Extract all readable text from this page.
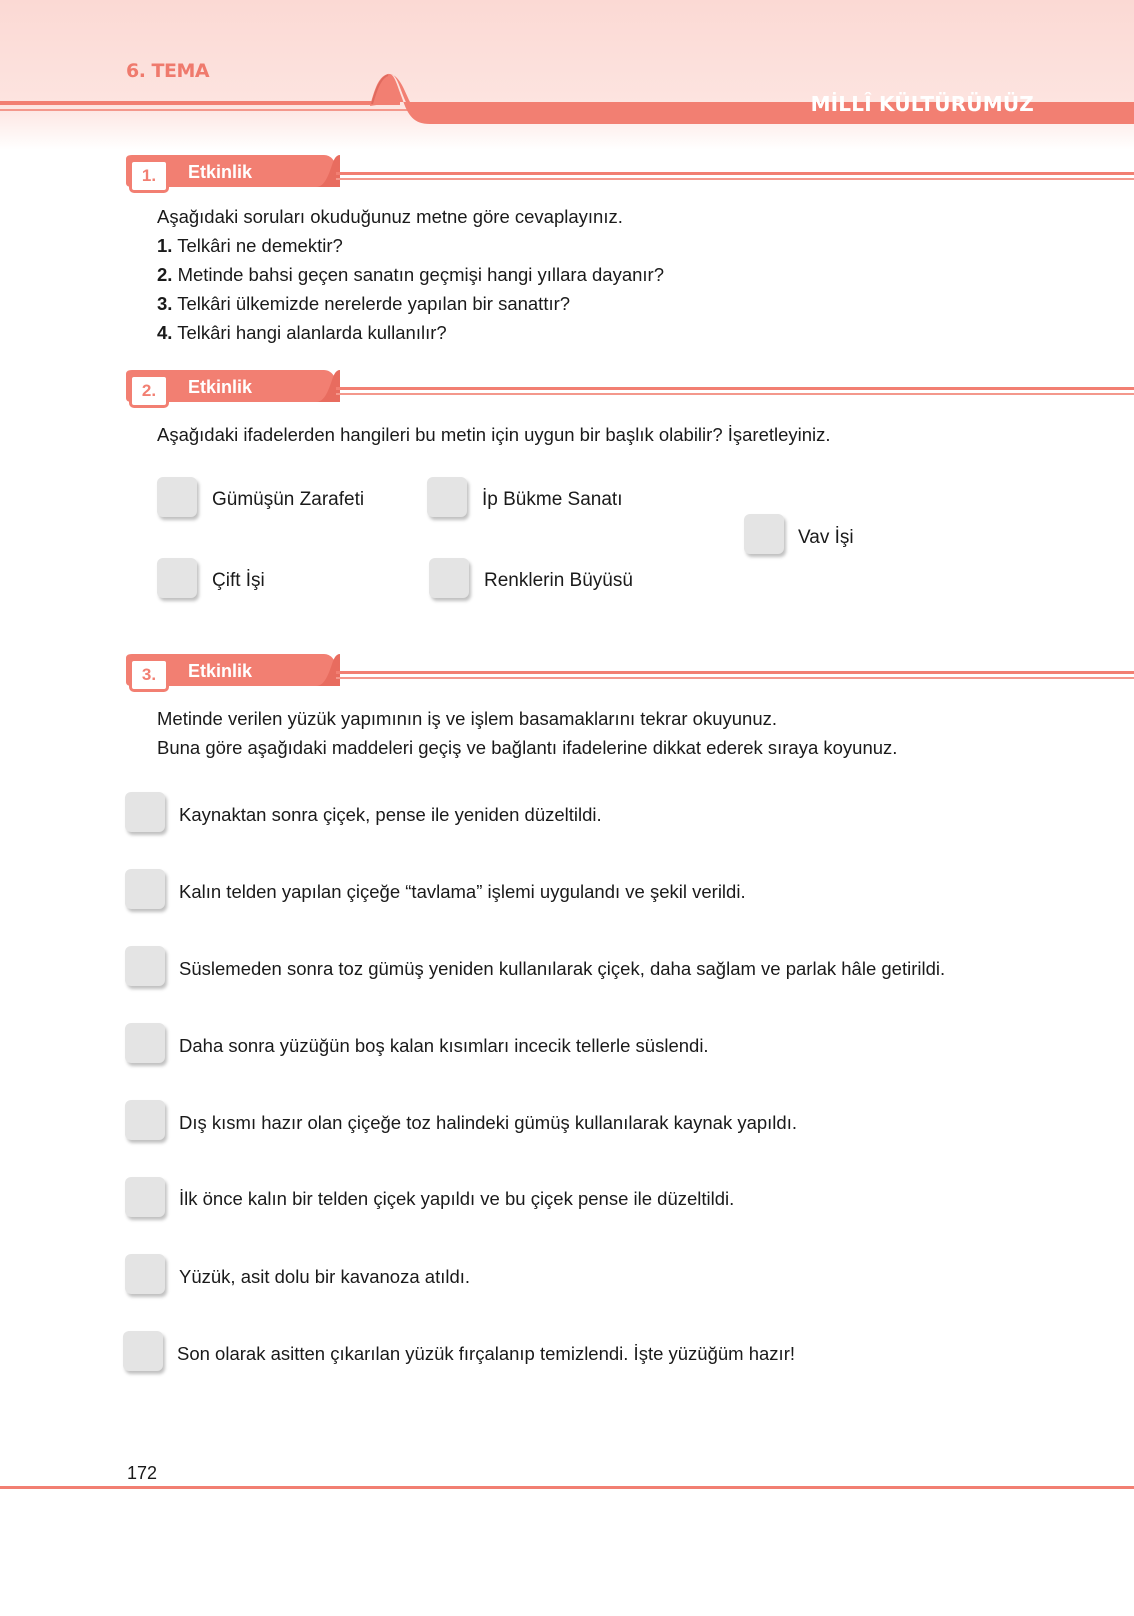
6. TEMA
MİLLÎ KÜLTÜRÜMÜZ
1.	Etkinlik
Aşağıdaki soruları okuduğunuz metne göre cevaplayınız.
1. Telkâri ne demektir?
2. Metinde bahsi geçen sanatın geçmişi hangi yıllara dayanır?
3. Telkâri ülkemizde nerelerde yapılan bir sanattır?
4. Telkâri hangi alanlarda kullanılır?
2.	Etkinlik
Aşağıdaki ifadelerden hangileri bu metin için uygun bir başlık olabilir? İşaretleyiniz.
Gümüşün Zarafeti	İp Bükme Sanatı
Vav İşi
Çift İşi	Renklerin Büyüsü
3.	Etkinlik
Metinde verilen yüzük yapımının iş ve işlem basamaklarını tekrar okuyunuz.
Buna göre aşağıdaki maddeleri geçiş ve bağlantı ifadelerine dikkat ederek sıraya koyunuz.
Kaynaktan sonra çiçek, pense ile yeniden düzeltildi.
Kalın telden yapılan çiçeğe “tavlama” işlemi uygulandı ve şekil verildi.
Süslemeden sonra toz gümüş yeniden kullanılarak çiçek, daha sağlam ve parlak hâle getirildi.
Daha sonra yüzüğün boş kalan kısımları incecik tellerle süslendi.
Dış kısmı hazır olan çiçeğe toz halindeki gümüş kullanılarak kaynak yapıldı.
İlk önce kalın bir telden çiçek yapıldı ve bu çiçek pense ile düzeltildi.
Yüzük, asit dolu bir kavanoza atıldı.
Son olarak asitten çıkarılan yüzük fırçalanıp temizlendi. İşte yüzüğüm hazır!
172
